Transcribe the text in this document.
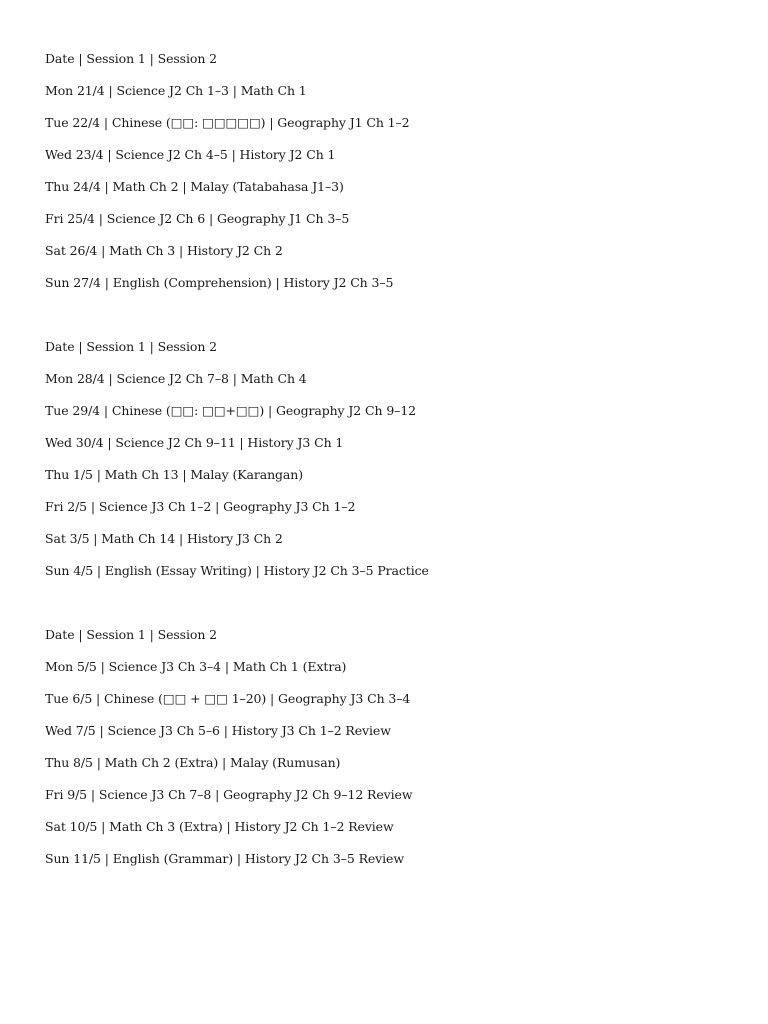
Date | Session 1 | Session 2
Mon 21/4 | Science J2 Ch 1–3 | Math Ch 1
Tue 22/4 | Chinese (□□: □□□□□) | Geography J1 Ch 1–2
Wed 23/4 | Science J2 Ch 4–5 | History J2 Ch 1
Thu 24/4 | Math Ch 2 | Malay (Tatabahasa J1–3)
Fri 25/4 | Science J2 Ch 6 | Geography J1 Ch 3–5
Sat 26/4 | Math Ch 3 | History J2 Ch 2
Sun 27/4 | English (Comprehension) | History J2 Ch 3–5
Date | Session 1 | Session 2
Mon 28/4 | Science J2 Ch 7–8 | Math Ch 4
Tue 29/4 | Chinese (□□: □□+□□) | Geography J2 Ch 9–12
Wed 30/4 | Science J2 Ch 9–11 | History J3 Ch 1
Thu 1/5 | Math Ch 13 | Malay (Karangan)
Fri 2/5 | Science J3 Ch 1–2 | Geography J3 Ch 1–2
Sat 3/5 | Math Ch 14 | History J3 Ch 2
Sun 4/5 | English (Essay Writing) | History J2 Ch 3–5 Practice
Date | Session 1 | Session 2
Mon 5/5 | Science J3 Ch 3–4 | Math Ch 1 (Extra)
Tue 6/5 | Chinese (□□ + □□ 1–20) | Geography J3 Ch 3–4
Wed 7/5 | Science J3 Ch 5–6 | History J3 Ch 1–2 Review
Thu 8/5 | Math Ch 2 (Extra) | Malay (Rumusan)
Fri 9/5 | Science J3 Ch 7–8 | Geography J2 Ch 9–12 Review
Sat 10/5 | Math Ch 3 (Extra) | History J2 Ch 1–2 Review
Sun 11/5 | English (Grammar) | History J2 Ch 3–5 Review
